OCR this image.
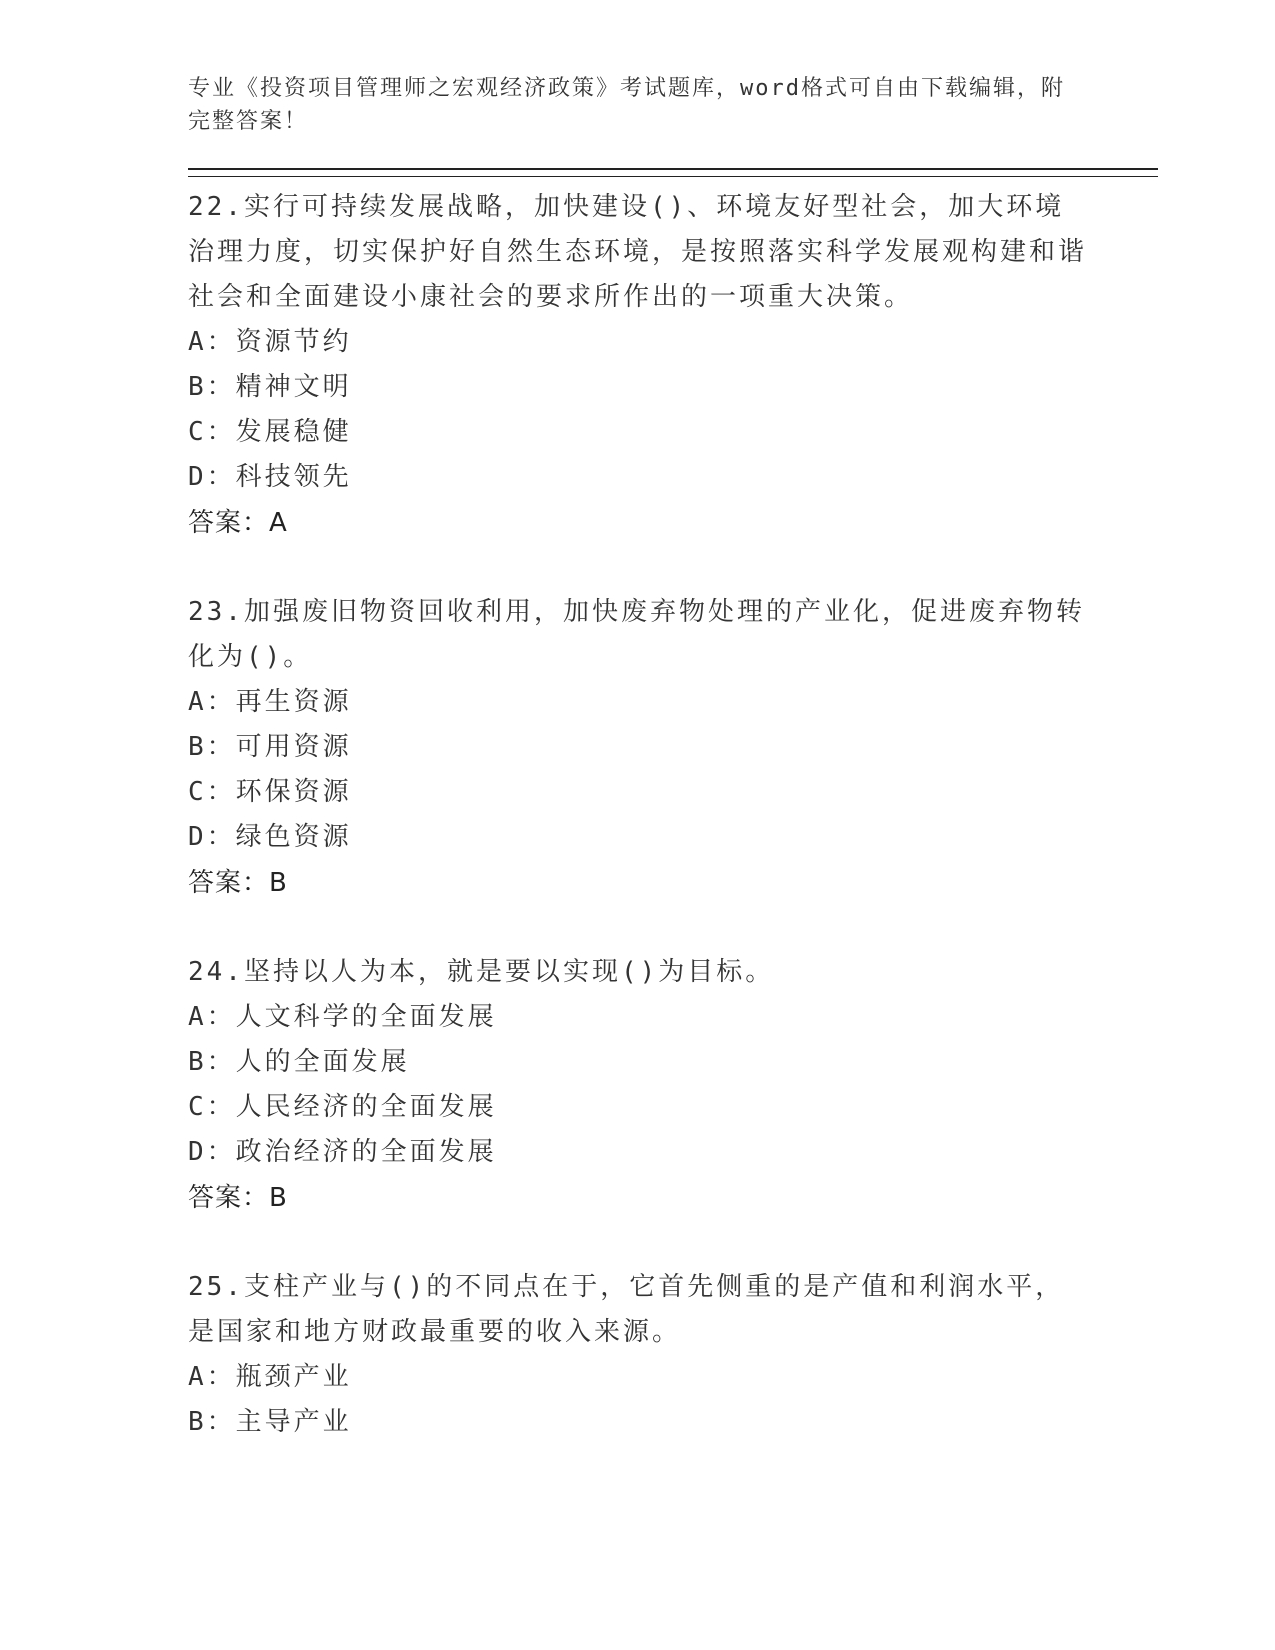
专业《投资项目管理师之宏观经济政策》考试题库，word格式可自由下载编辑，附完整答案！

22.实行可持续发展战略，加快建设()、环境友好型社会，加大环境治理力度，切实保护好自然生态环境，是按照落实科学发展观构建和谐社会和全面建设小康社会的要求所作出的一项重大决策。

A：资源节约

B：精神文明

C：发展稳健

D：科技领先

答案：A

23.加强废旧物资回收利用，加快废弃物处理的产业化，促进废弃物转化为()。

A：再生资源

B：可用资源

C：环保资源

D：绿色资源

答案：B

24.坚持以人为本，就是要以实现()为目标。

A：人文科学的全面发展

B：人的全面发展

C：人民经济的全面发展

D：政治经济的全面发展

答案：B

25.支柱产业与()的不同点在于，它首先侧重的是产值和利润水平，是国家和地方财政最重要的收入来源。

A：瓶颈产业

B：主导产业
